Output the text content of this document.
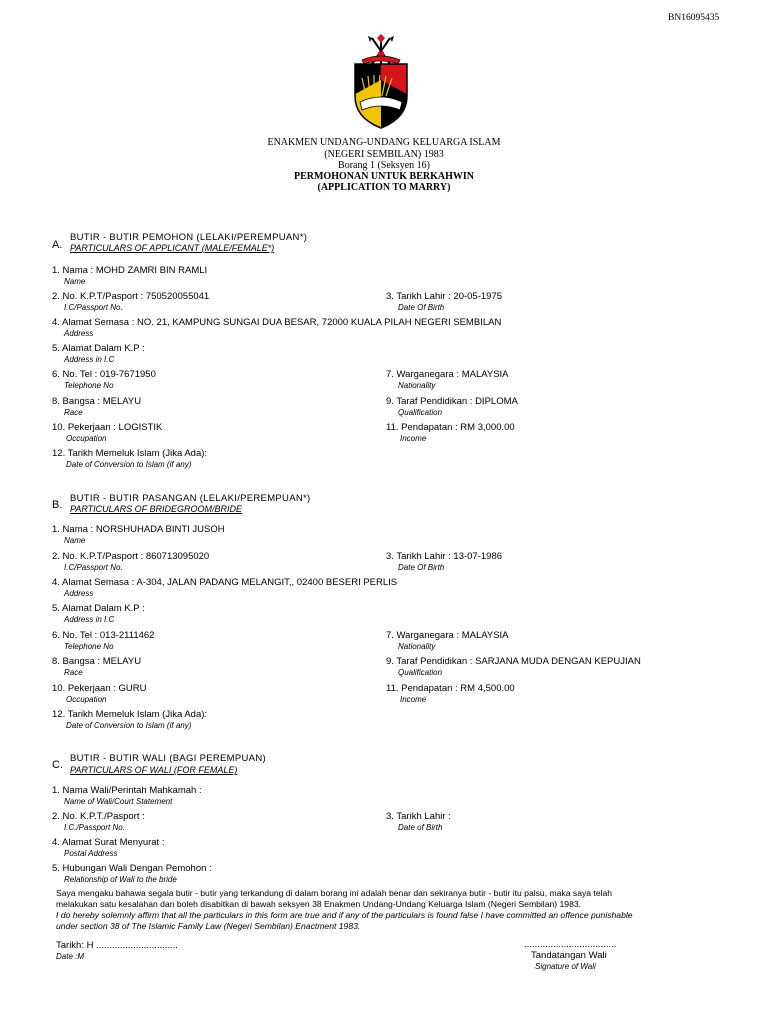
BN16095435
ENAKMEN UNDANG-UNDANG KELUARGA ISLAM
(NEGERI SEMBILAN) 1983
Borang 1 (Seksyen 16)
PERMOHONAN UNTUK BERKAHWIN
(APPLICATION TO MARRY)
A.
BUTIR - BUTIR PEMOHON (LELAKI/PEREMPUAN*)
PARTICULARS OF APPLICANT (MALE/FEMALE*)
1. Nama : MOHD ZAMRI BIN RAMLI
Name
2. No. K.P.T/Pasport : 750520055041
I.C/Passport No.
3. Tarikh Lahir : 20-05-1975
Date Of Birth
4. Alamat Semasa : NO. 21, KAMPUNG SUNGAI DUA BESAR, 72000 KUALA PILAH NEGERI SEMBILAN
Address
5. Alamat Dalam K.P :
Address in I.C
6. No. Tel : 019-7671950
Telephone No
7. Warganegara : MALAYSIA
Nationality
8. Bangsa : MELAYU
Race
9. Taraf Pendidikan : DIPLOMA
Qualification
10. Pekerjaan : LOGISTIK
Occupation
11. Pendapatan : RM 3,000.00
Income
12. Tarikh Memeluk Islam (Jika Ada):
Date of Conversion to Islam (if any)
B.
BUTIR - BUTIR PASANGAN (LELAKI/PEREMPUAN*)
PARTICULARS OF BRIDEGROOM/BRIDE
1. Nama : NORSHUHADA BINTI JUSOH
Name
2. No. K.P.T/Pasport : 860713095020
I.C/Passport No.
3. Tarikh Lahir : 13-07-1986
Date Of Birth
4. Alamat Semasa : A-304, JALAN PADANG MELANGIT,, 02400 BESERI PERLIS
Address
5. Alamat Dalam K.P :
Address in I.C
6. No. Tel : 013-2111462
Telephone No
7. Warganegara : MALAYSIA
Nationality
8. Bangsa : MELAYU
Race
9. Taraf Pendidikan : SARJANA MUDA DENGAN KEPUJIAN
Qualification
10. Pekerjaan : GURU
Occupation
11. Pendapatan : RM 4,500.00
Income
12. Tarikh Memeluk Islam (Jika Ada):
Date of Conversion to Islam (if any)
C.
BUTIR - BUTIR WALI (BAGI PEREMPUAN)
PARTICULARS OF WALI (FOR FEMALE)
1. Nama Wali/Perintah Mahkamah :
Name of Wali/Court Statement
2. No. K.P.T./Pasport :
I.C./Passport No.
3. Tarikh Lahir :
Date of Birth
4. Alamat Surat Menyurat :
Postal Address
5. Hubungan Wali Dengan Pemohon :
Relationship of Wali to the bride
Saya mengaku bahawa segala butir - butir yang terkandung di dalam borang ini adalah benar dan sekiranya butir - butir itu palsu, maka saya telah
melakukan satu kesalahan dan boleh disabitkan di bawah seksyen 38 Enakmen Undang-Undang Keluarga Islam (Negeri Sembilan) 1983.
I do hereby solemnly affirm that all the particulars in this form are true and if any of the particulars is found false I have committed an offence punishable
under section 38 of The Islamic Family Law (Negeri Sembilan) Enactment 1983.
Tarikh: H ...............................
Date :M
...................................
Tandatangan Wali
Signature of Wali
